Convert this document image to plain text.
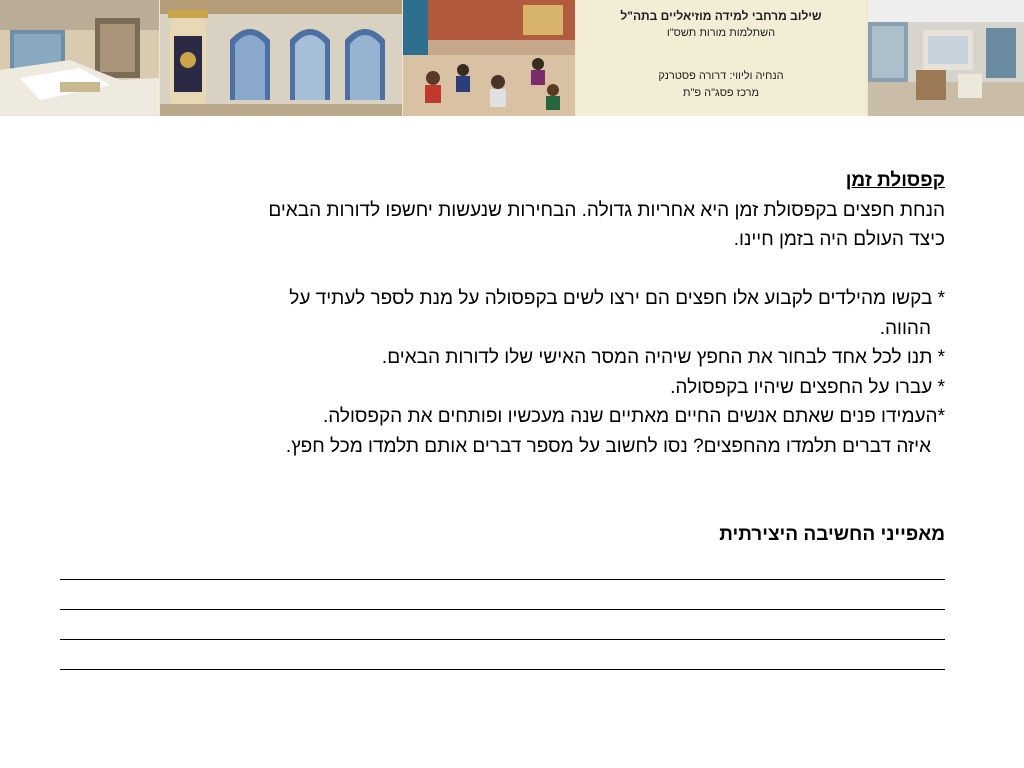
שילוב מרחבי למידה מוזיאליים בתה"ל
השתלמות מורות תשס"ו
הנחיה וליווי: דרורה פסטרנק
מרכז פסג"ה פ"ת
קפסולת זמן
הנחת חפצים בקפסולת זמן היא אחריות גדולה. הבחירות שנעשות יחשפו לדורות הבאים
כיצד העולם היה בזמן חיינו.
* בקשו מהילדים לקבוע אלו חפצים הם ירצו לשים בקפסולה על מנת לספר לעתיד על
ההווה.
* תנו לכל אחד לבחור את החפץ שיהיה המסר האישי שלו לדורות הבאים.
* עברו על החפצים שיהיו בקפסולה.
*העמידו פנים שאתם אנשים החיים מאתיים שנה מעכשיו ופותחים את הקפסולה.
איזה דברים תלמדו מהחפצים? נסו לחשוב על מספר דברים אותם תלמדו מכל חפץ.
מאפייני החשיבה היצירתית
